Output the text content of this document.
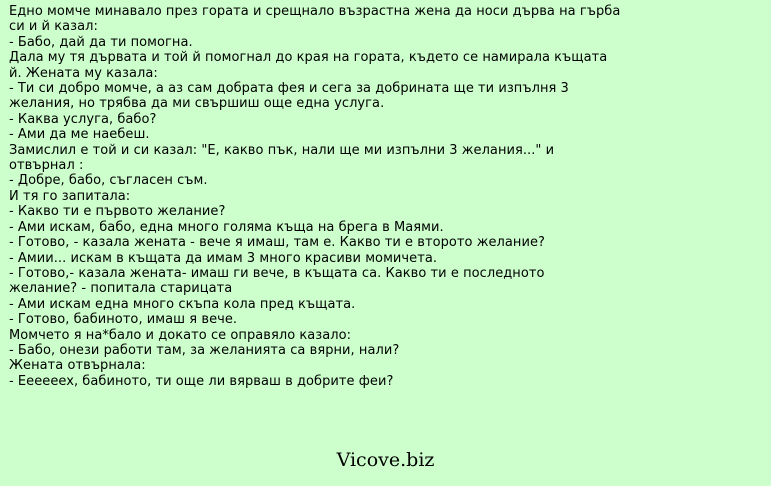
Едно момче минавало през гората и срещнало възрастна жена да носи дърва на гърба
си и й казал:
- Бабо, дай да ти помогна.
Дала му тя дървата и той й помогнал до края на гората, където се намирала къщата
й. Жената му казала:
- Ти си добро момче, а аз сам добрата фея и сега за добрината ще ти изпълня 3
желания, но трябва да ми свършиш още една услуга.
- Каква услуга, бабо?
- Ами да ме наебеш.
Замислил е той и си казал: "Е, какво пък, нали ще ми изпълни 3 желания..." и
отвърнал :
- Добре, бабо, съгласен съм.
И тя го запитала:
- Какво ти е първото желание?
- Ами искам, бабо, една много голяма къща на брега в Маями.
- Готово, - казала жената - вече я имаш, там е. Какво ти е второто желание?
- Амии... искам в къщата да имам 3 много красиви момичета.
- Готово,- казала жената- имаш ги вече, в къщата са. Какво ти е последното
желание? - попитала старицата
- Ами искам една много скъпа кола пред къщата.
- Готово, бабиното, имаш я вече.
Момчето я на*бало и докато се оправяло казало:
- Бабо, онези работи там, за желанията са вярни, нали?
Жената отвърнала:
- Ееееeex, бабиното, ти още ли вярваш в добрите феи?
Vicove.biz
